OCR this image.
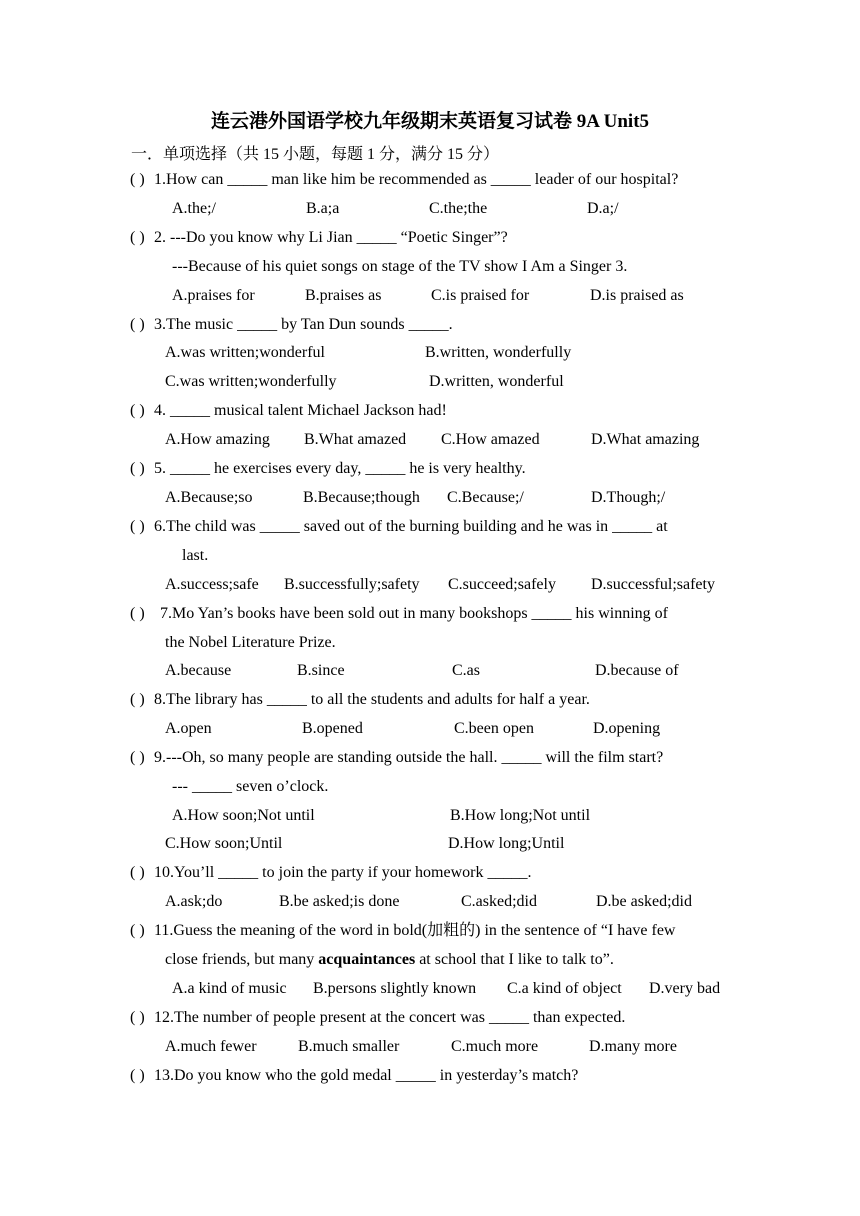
连云港外国语学校九年级期末英语复习试卷 9A Unit5
一．单项选择（共 15 小题，每题 1 分，满分 15 分）
( ) 1.How can _____ man like him be recommended as _____ leader of our hospital?
A.the;/	B.a;a	C.the;the	D.a;/
( ) 2. ---Do you know why Li Jian _____ “Poetic Singer”?
---Because of his quiet songs on stage of the TV show I Am a Singer 3.
A.praises for	B.praises as	C.is praised for	D.is praised as
( ) 3.The music _____ by Tan Dun sounds _____.
A.was written;wonderful	B.written, wonderfully
C.was written;wonderfully	D.written, wonderful
( ) 4. _____ musical talent Michael Jackson had!
A.How amazing B.What amazed C.How amazed	D.What amazing
( ) 5. _____ he exercises every day, _____ he is very healthy.
A.Because;so	B.Because;though C.Because;/	D.Though;/
( ) 6.The child was _____ saved out of the burning building and he was in _____ at
last.
A.success;safe B.successfully;safety C.succeed;safely D.successful;safety
( ) 7.Mo Yan’s books have been sold out in many bookshops _____ his winning of
the Nobel Literature Prize.
A.because	B.since	C.as	D.because of
( ) 8.The library has _____ to all the students and adults for half a year.
A.open	B.opened	C.been open	D.opening
( ) 9.---Oh, so many people are standing outside the hall. _____ will the film start?
--- _____ seven o’clock.
A.How soon;Not until	B.How long;Not until
C.How soon;Until	D.How long;Until
( ) 10.You’ll _____ to join the party if your homework _____.
A.ask;do	B.be asked;is done	C.asked;did	D.be asked;did
( ) 11.Guess the meaning of the word in bold(加粗的) in the sentence of “I have few
close friends, but many acquaintances at school that I like to talk to”.
A.a kind of music B.persons slightly known C.a kind of object D.very bad
( ) 12.The number of people present at the concert was _____ than expected.
A.much fewer	B.much smaller	C.much more	D.many more
( ) 13.Do you know who the gold medal _____ in yesterday’s match?
